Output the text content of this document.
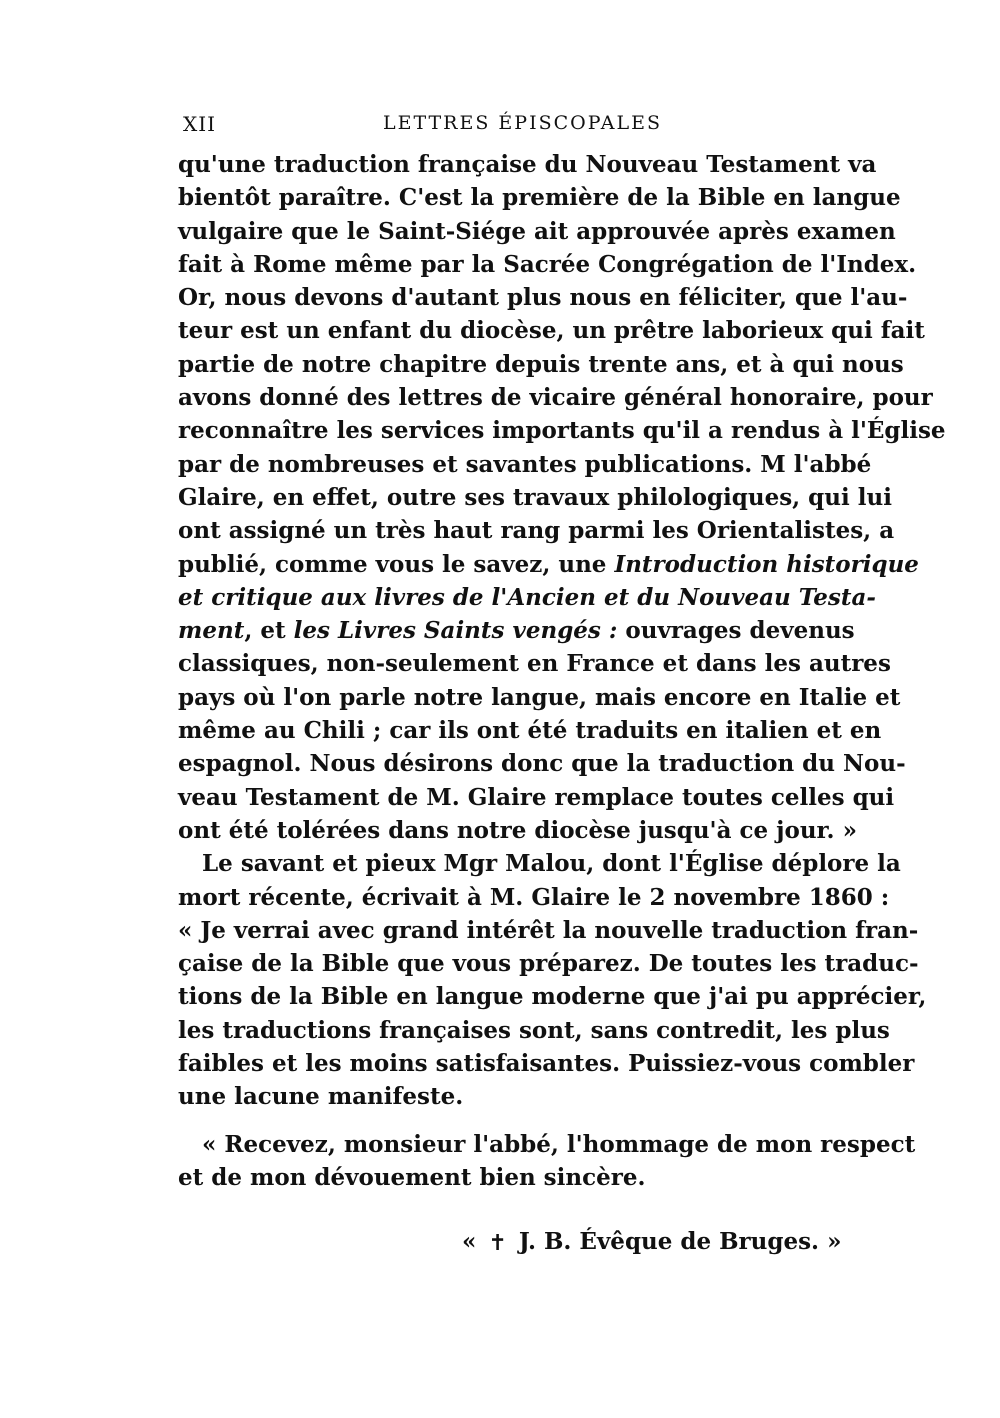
XII	LETTRES ÉPISCOPALES
qu'une traduction française du Nouveau Testament va
bientôt paraître. C'est la première de la Bible en langue
vulgaire que le Saint-Siége ait approuvée après examen
fait à Rome même par la Sacrée Congrégation de l'Index.
Or, nous devons d'autant plus nous en féliciter, que l'au-
teur est un enfant du diocèse, un prêtre laborieux qui fait
partie de notre chapitre depuis trente ans, et à qui nous
avons donné des lettres de vicaire général honoraire, pour
reconnaître les services importants qu'il a rendus à l'Église
par de nombreuses et savantes publications. M l'abbé
Glaire, en effet, outre ses travaux philologiques, qui lui
ont assigné un très haut rang parmi les Orientalistes, a
publié, comme vous le savez, une Introduction historique
et critique aux livres de l'Ancien et du Nouveau Testa-
ment, et les Livres Saints vengés : ouvrages devenus
classiques, non-seulement en France et dans les autres
pays où l'on parle notre langue, mais encore en Italie et
même au Chili ; car ils ont été traduits en italien et en
espagnol. Nous désirons donc que la traduction du Nou-
veau Testament de M. Glaire remplace toutes celles qui
ont été tolérées dans notre diocèse jusqu'à ce jour. »
Le savant et pieux Mgr Malou, dont l'Église déplore la
mort récente, écrivait à M. Glaire le 2 novembre 1860 :
« Je verrai avec grand intérêt la nouvelle traduction fran-
çaise de la Bible que vous préparez. De toutes les traduc-
tions de la Bible en langue moderne que j'ai pu apprécier,
les traductions françaises sont, sans contredit, les plus
faibles et les moins satisfaisantes. Puissiez-vous combler
une lacune manifeste.
« Recevez, monsieur l'abbé, l'hommage de mon respect
et de mon dévouement bien sincère.
« ✝ J. B. Évêque de Bruges. »
